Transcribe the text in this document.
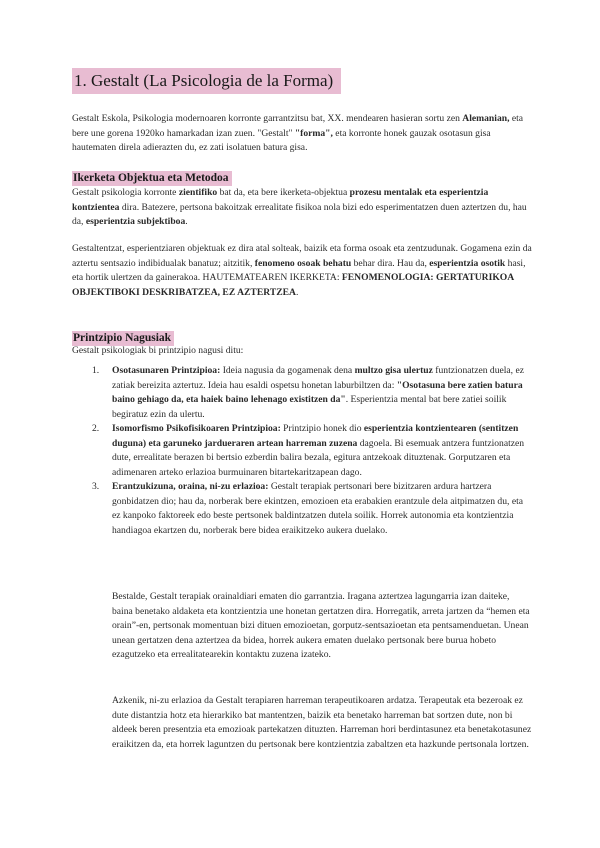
1. Gestalt (La Psicologia de la Forma)

Gestalt Eskola, Psikologia modernoaren korronte garrantzitsu bat, XX. mendearen hasieran sortu zen Alemanian, eta bere une gorena 1920ko hamarkadan izan zuen. "Gestalt" "forma", eta korronte honek gauzak osotasun gisa hautematen direla adierazten du, ez zati isolatuen batura gisa.

Ikerketa Objektua eta Metodoa

Gestalt psikologia korronte zientifiko bat da, eta bere ikerketa-objektua prozesu mentalak eta esperientzia kontzientea dira. Batezere, pertsona bakoitzak errealitate fisikoa nola bizi edo esperimentatzen duen aztertzen du, hau da, esperientzia subjektiboa.

Gestaltentzat, esperientziaren objektuak ez dira atal solteak, baizik eta forma osoak eta zentzudunak. Gogamena ezin da aztertu sentsazio indibidualak banatuz; aitzitik, fenomeno osoak behatu behar dira. Hau da, esperientzia osotik hasi, eta hortik ulertzen da gainerakoa. HAUTEMATEAREN IKERKETA: FENOMENOLOGIA: GERTATURIKOA OBJEKTIBOKI DESKRIBATZEA, EZ AZTERTZEA.

Printzipio Nagusiak

Gestalt psikologiak bi printzipio nagusi ditu:

1. Osotasunaren Printzipioa: Ideia nagusia da gogamenak dena multzo gisa ulertuz funtzionatzen duela, ez zatiak bereizita aztertuz. Ideia hau esaldi ospetsu honetan laburbiltzen da: "Osotasuna bere zatien batura baino gehiago da, eta haiek baino lehenago existitzen da". Esperientzia mental bat bere zatiei soilik begiratuz ezin da ulertu.
2. Isomorfismo Psikofisikoaren Printzipioa: Printzipio honek dio esperientzia kontzientearen (sentitzen duguna) eta garuneko jardueraren artean harreman zuzena dagoela. Bi esemuak antzera funtzionatzen dute, errealitate berazen bi bertsio ezberdin balira bezala, egitura antzekoak dituztenak. Gorputzaren eta adimenaren arteko erlazioa burmuinaren bitartekaritzapean dago.
3. Erantzukizuna, oraina, ni-zu erlazioa: Gestalt terapiak pertsonari bere bizitzaren ardura hartzera gonbidatzen dio; hau da, norberak bere ekintzen, emozioen eta erabakien erantzule dela aitpimatzen du, eta ez kanpoko faktoreek edo beste pertsonek baldintzatzen dutela soilik. Horrek autonomia eta kontzientzia handiagoa ekartzen du, norberak bere bidea eraikitzeko aukera duelako.

Bestalde, Gestalt terapiak orainaldiari ematen dio garrantzia. Iragana aztertzea lagungarria izan daiteke, baina benetako aldaketa eta kontzientzia une honetan gertatzen dira. Horregatik, arreta jartzen da “hemen eta orain”-en, pertsonak momentuan bizi dituen emozioetan, gorputz-sentsazioetan eta pentsamenduetan. Unean unean gertatzen dena aztertzea da bidea, horrek aukera ematen duelako pertsonak bere burua hobeto ezagutzeko eta errealitatearekin kontaktu zuzena izateko.

Azkenik, ni-zu erlazioa da Gestalt terapiaren harreman terapeutikoaren ardatza. Terapeutak eta bezeroak ez dute distantzia hotz eta hierarkiko bat mantentzen, baizik eta benetako harreman bat sortzen dute, non bi aldeek beren presentzia eta emozioak partekatzen dituzten. Harreman hori berdintasunez eta benetakotasunez eraikitzen da, eta horrek laguntzen du pertsonak bere kontzientzia zabaltzen eta hazkunde pertsonala lortzen.
